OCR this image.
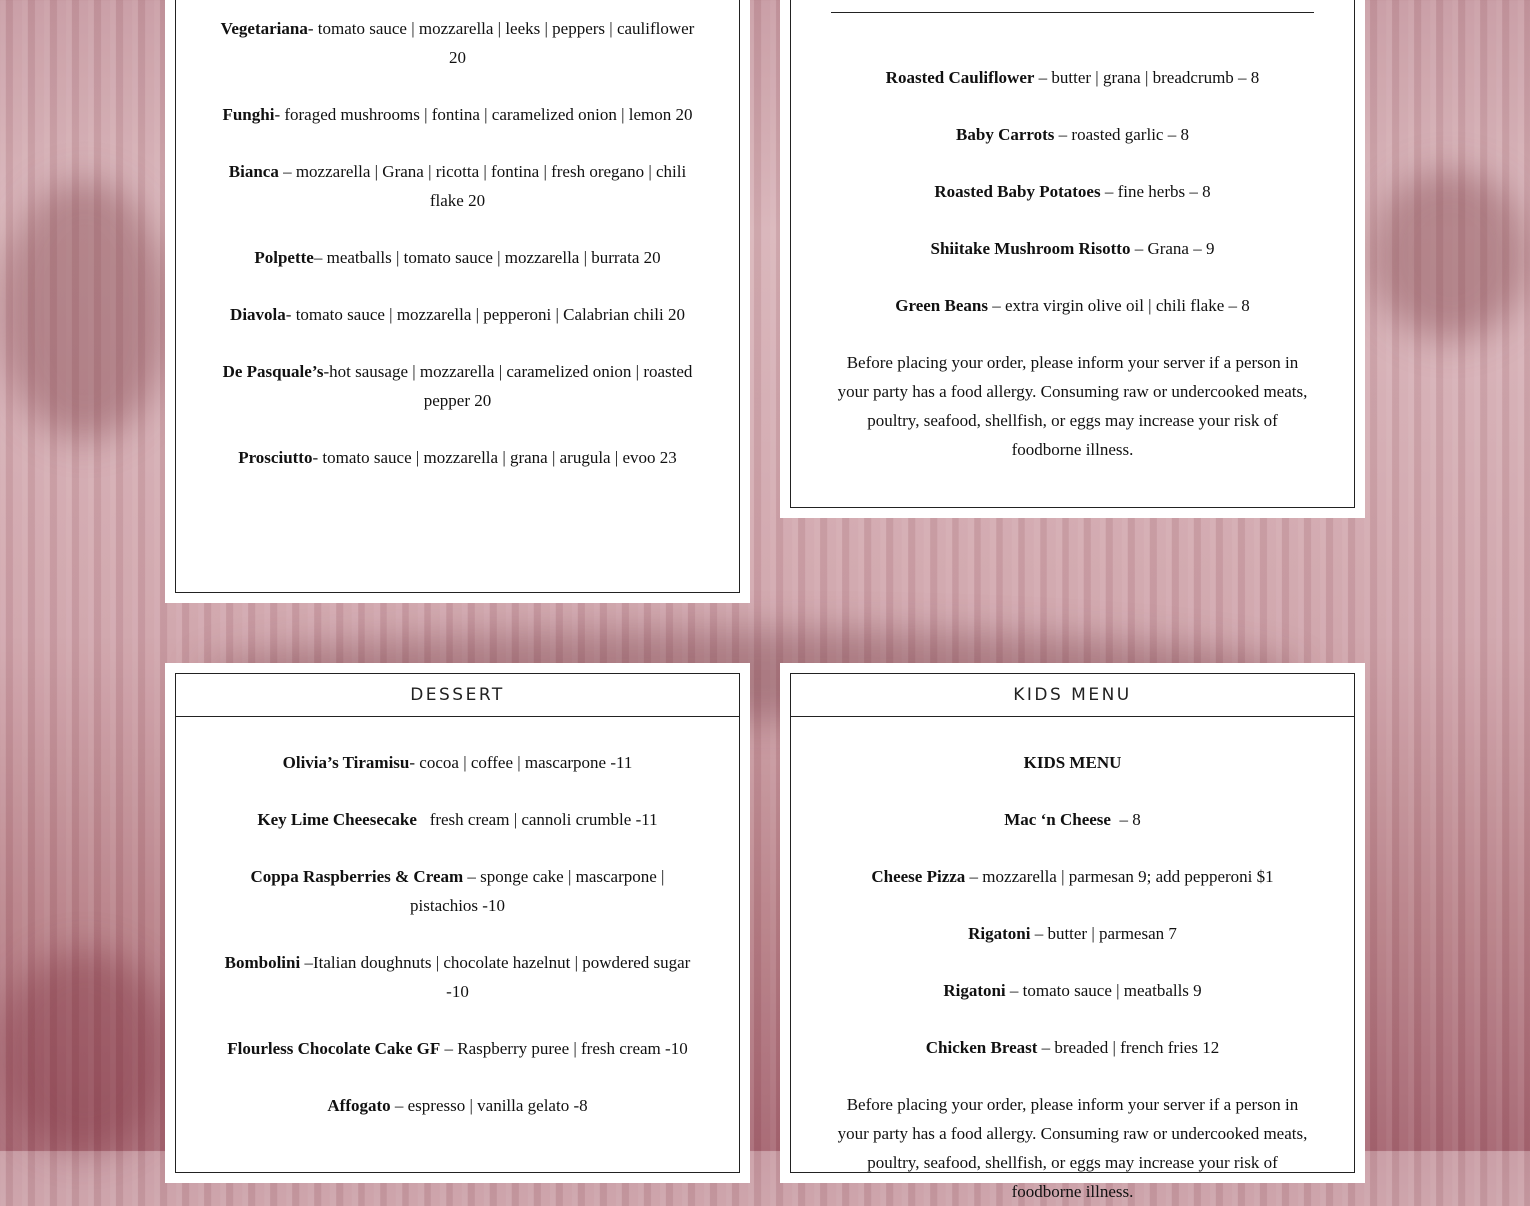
Vegetariana- tomato sauce | mozzarella | leeks | peppers | cauliflower 20
Funghi- foraged mushrooms | fontina | caramelized onion | lemon 20
Bianca – mozzarella | Grana | ricotta | fontina | fresh oregano | chili flake 20
Polpette– meatballs | tomato sauce | mozzarella | burrata 20
Diavola- tomato sauce | mozzarella | pepperoni | Calabrian chili 20
De Pasquale’s-hot sausage | mozzarella | caramelized onion | roasted pepper 20
Prosciutto- tomato sauce | mozzarella | grana | arugula | evoo 23
Roasted Cauliflower – butter | grana | breadcrumb – 8
Baby Carrots – roasted garlic – 8
Roasted Baby Potatoes – fine herbs – 8
Shiitake Mushroom Risotto – Grana – 9
Green Beans – extra virgin olive oil | chili flake – 8
Before placing your order, please inform your server if a person in your party has a food allergy. Consuming raw or undercooked meats, poultry, seafood, shellfish, or eggs may increase your risk of foodborne illness.
DESSERT
Olivia’s Tiramisu- cocoa | coffee | mascarpone -11
Key Lime Cheesecake   fresh cream | cannoli crumble -11
Coppa Raspberries & Cream – sponge cake | mascarpone | pistachios -10
Bombolini –Italian doughnuts | chocolate hazelnut | powdered sugar -10
Flourless Chocolate Cake GF – Raspberry puree | fresh cream -10
Affogato – espresso | vanilla gelato -8
KIDS MENU
KIDS MENU
Mac ‘n Cheese  – 8
Cheese Pizza – mozzarella | parmesan 9; add pepperoni $1
Rigatoni – butter | parmesan 7
Rigatoni – tomato sauce | meatballs 9
Chicken Breast – breaded | french fries 12
Before placing your order, please inform your server if a person in your party has a food allergy. Consuming raw or undercooked meats, poultry, seafood, shellfish, or eggs may increase your risk of foodborne illness.
